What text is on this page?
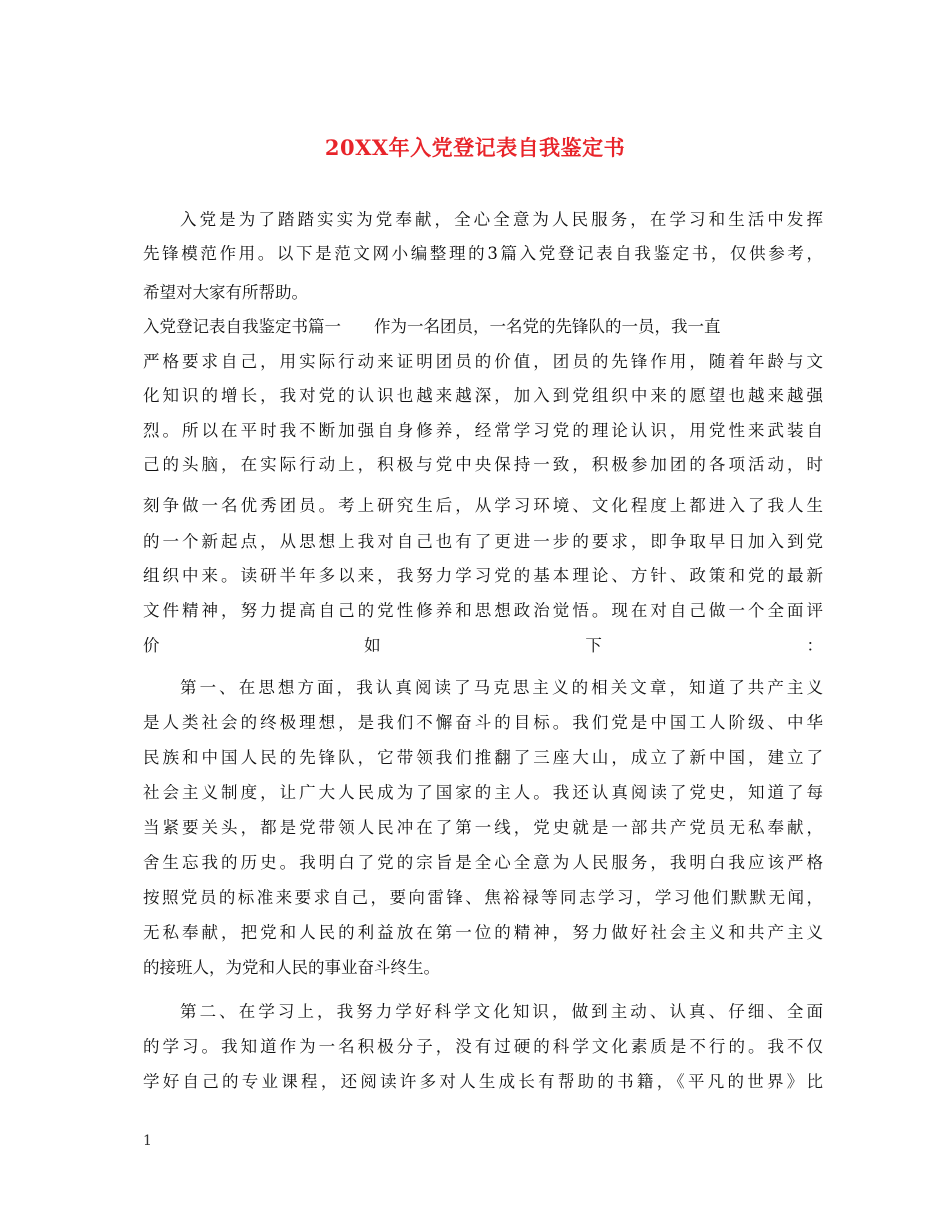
20XX年入党登记表自我鉴定书
入党是为了踏踏实实为党奉献，全心全意为人民服务，在学习和生活中发挥
先锋模范作用。以下是范文网小编整理的3篇入党登记表自我鉴定书，仅供参考，
希望对大家有所帮助。
入党登记表自我鉴定书篇一　　作为一名团员，一名党的先锋队的一员，我一直
严格要求自己，用实际行动来证明团员的价值，团员的先锋作用，随着年龄与文
化知识的增长，我对党的认识也越来越深，加入到党组织中来的愿望也越来越强
烈。所以在平时我不断加强自身修养，经常学习党的理论认识，用党性来武装自
己的头脑，在实际行动上，积极与党中央保持一致，积极参加团的各项活动，时
刻争做一名优秀团员。考上研究生后，从学习环境、文化程度上都进入了我人生
的一个新起点，从思想上我对自己也有了更进一步的要求，即争取早日加入到党
组织中来。读研半年多以来，我努力学习党的基本理论、方针、政策和党的最新
文件精神，努力提高自己的党性修养和思想政治觉悟。现在对自己做一个全面评
价如下：
第一、在思想方面，我认真阅读了马克思主义的相关文章，知道了共产主义
是人类社会的终极理想，是我们不懈奋斗的目标。我们党是中国工人阶级、中华
民族和中国人民的先锋队，它带领我们推翻了三座大山，成立了新中国，建立了
社会主义制度，让广大人民成为了国家的主人。我还认真阅读了党史，知道了每
当紧要关头，都是党带领人民冲在了第一线，党史就是一部共产党员无私奉献，
舍生忘我的历史。我明白了党的宗旨是全心全意为人民服务，我明白我应该严格
按照党员的标准来要求自己，要向雷锋、焦裕禄等同志学习，学习他们默默无闻，
无私奉献，把党和人民的利益放在第一位的精神，努力做好社会主义和共产主义
的接班人，为党和人民的事业奋斗终生。
第二、在学习上，我努力学好科学文化知识，做到主动、认真、仔细、全面
的学习。我知道作为一名积极分子，没有过硬的科学文化素质是不行的。我不仅
学好自己的专业课程，还阅读许多对人生成长有帮助的书籍，《平凡的世界》比
1
